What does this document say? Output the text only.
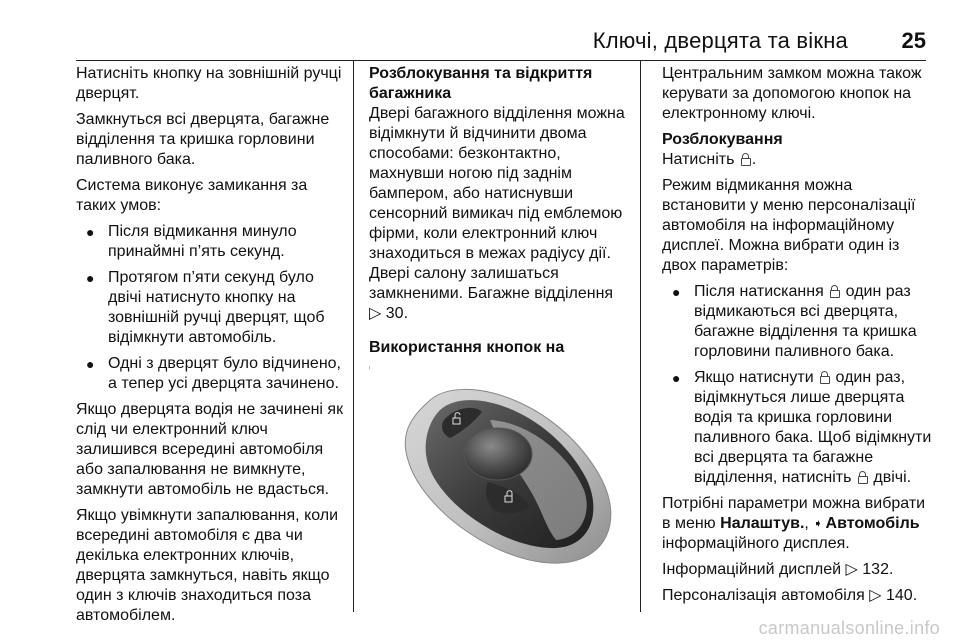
Ключі, дверцята та вікна 25

Натисніть кнопку на зовнішній ручці дверцят.

Замкнуться всі дверцята, багажне відділення та кришка горловини паливного бака.

Система виконує замикання за таких умов:

● Після відмикання минуло принаймні п’ять секунд.
● Протягом п’яти секунд було двічі натиснуто кнопку на зовнішній ручці дверцят, щоб відімкнути автомобіль.
● Одні з дверцят було відчинено, а тепер усі дверцята зачинено.

Якщо дверцята водія не зачинені як слід чи електронний ключ залишився всередині автомобіля або запалювання не вимкнуте, замкнути автомобіль не вдасться.

Якщо увімкнути запалювання, коли всередині автомобіля є два чи декілька електронних ключів, дверцята замкнуться, навіть якщо один з ключів знаходиться поза автомобілем.

Розблокування та відкриття багажника

Двері багажного відділення можна відімкнути й відчинити двома способами: безконтактно, махнувши ногою під заднім бампером, або натиснувши сенсорний вимикач під емблемою фірми, коли електронний ключ знаходиться в межах радіусу дії. Двері салону залишаться замкненими. Багажне відділення
▷ 30.

Використання кнопок на

Центральним замком можна також керувати за допомогою кнопок на електронному ключі.

Розблокування

Натисніть .

Режим відмикання можна встановити у меню персоналізації автомобіля на інформаційному дисплеї. Можна вибрати один із двох параметрів:

● Після натискання один раз відмикаються всі дверцята, багажне відділення та кришка горловини паливного бака.
● Якщо натиснути один раз, відімкнуться лише дверцята водія та кришка горловини паливного бака. Щоб відімкнути всі дверцята та багажне відділення, натисніть двічі.

Потрібні параметри можна вибрати в меню Налаштув., ➧ Автомобіль інформаційного дисплея.

Інформаційний дисплей ▷ 132.

Персоналізація автомобіля ▷ 140.

carmanualsonline.info
